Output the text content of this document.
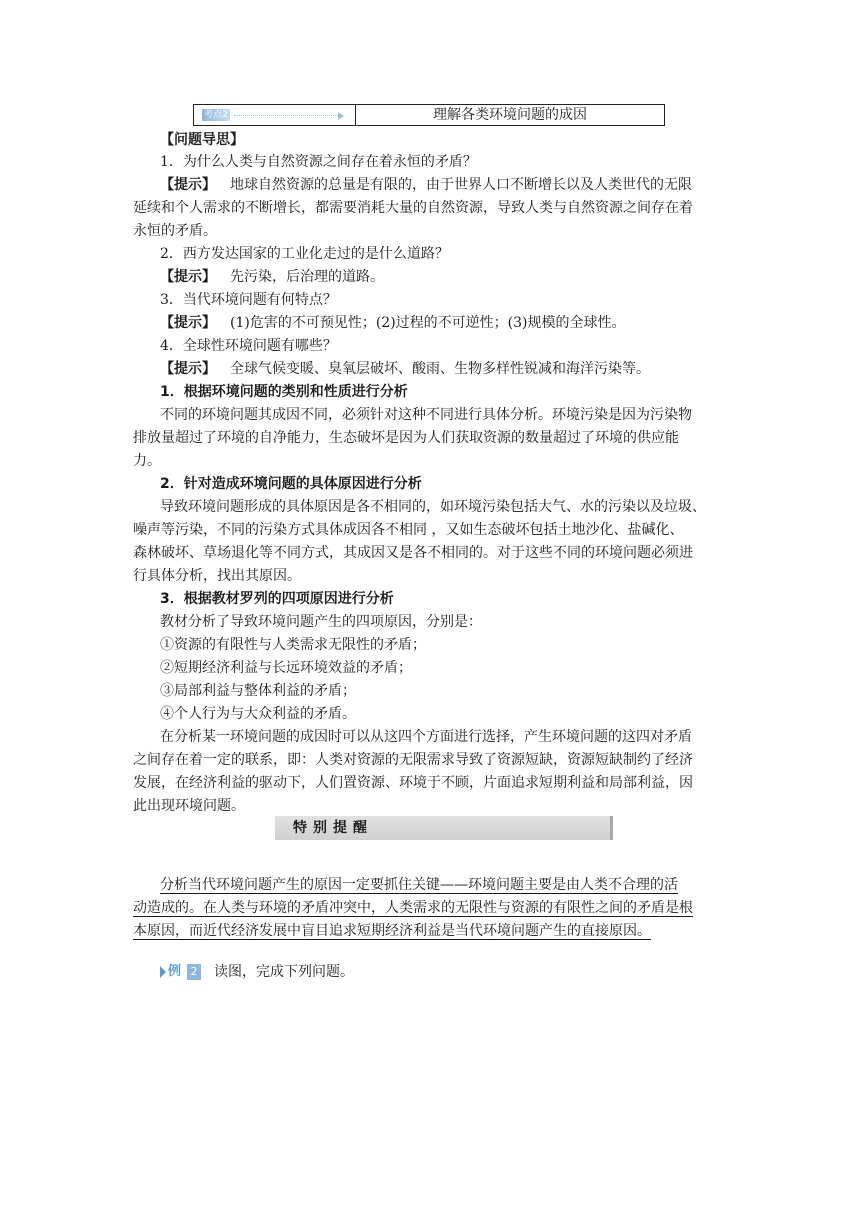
考点2	理解各类环境问题的成因
【问题导思】
1．为什么人类与自然资源之间存在着永恒的矛盾？
【提示】 地球自然资源的总量是有限的，由于世界人口不断增长以及人类世代的无限
延续和个人需求的不断增长，都需要消耗大量的自然资源，导致人类与自然资源之间存在着
永恒的矛盾。
2．西方发达国家的工业化走过的是什么道路？
【提示】 先污染，后治理的道路。
3．当代环境问题有何特点？
【提示】 (1)危害的不可预见性；(2)过程的不可逆性；(3)规模的全球性。
4．全球性环境问题有哪些？
【提示】 全球气候变暖、臭氧层破坏、酸雨、生物多样性锐减和海洋污染等。
1．根据环境问题的类别和性质进行分析
不同的环境问题其成因不同，必须针对这种不同进行具体分析。环境污染是因为污染物
排放量超过了环境的自净能力，生态破坏是因为人们获取资源的数量超过了环境的供应能
力。
2．针对造成环境问题的具体原因进行分析
导致环境问题形成的具体原因是各不相同的，如环境污染包括大气、水的污染以及垃圾、
噪声等污染，不同的污染方式具体成因各不相同 ，又如生态破坏包括土地沙化、盐碱化、
森林破坏、草场退化等不同方式，其成因又是各不相同的。对于这些不同的环境问题必须进
行具体分析，找出其原因。
3．根据教材罗列的四项原因进行分析
教材分析了导致环境问题产生的四项原因，分别是：
①资源的有限性与人类需求无限性的矛盾；
②短期经济利益与长远环境效益的矛盾；
③局部利益与整体利益的矛盾；
④个人行为与大众利益的矛盾。
在分析某一环境问题的成因时可以从这四个方面进行选择，产生环境问题的这四对矛盾
之间存在着一定的联系，即：人类对资源的无限需求导致了资源短缺，资源短缺制约了经济
发展，在经济利益的驱动下，人们置资源、环境于不顾，片面追求短期利益和局部利益，因
此出现环境问题。
特别提醒
分析当代环境问题产生的原因一定要抓住关键——环境问题主要是由人类不合理的活
动造成的。在人类与环境的矛盾冲突中，人类需求的无限性与资源的有限性之间的矛盾是根
本原因，而近代经济发展中盲目追求短期经济利益是当代环境问题产生的直接原因。
例 2 读图，完成下列问题。
